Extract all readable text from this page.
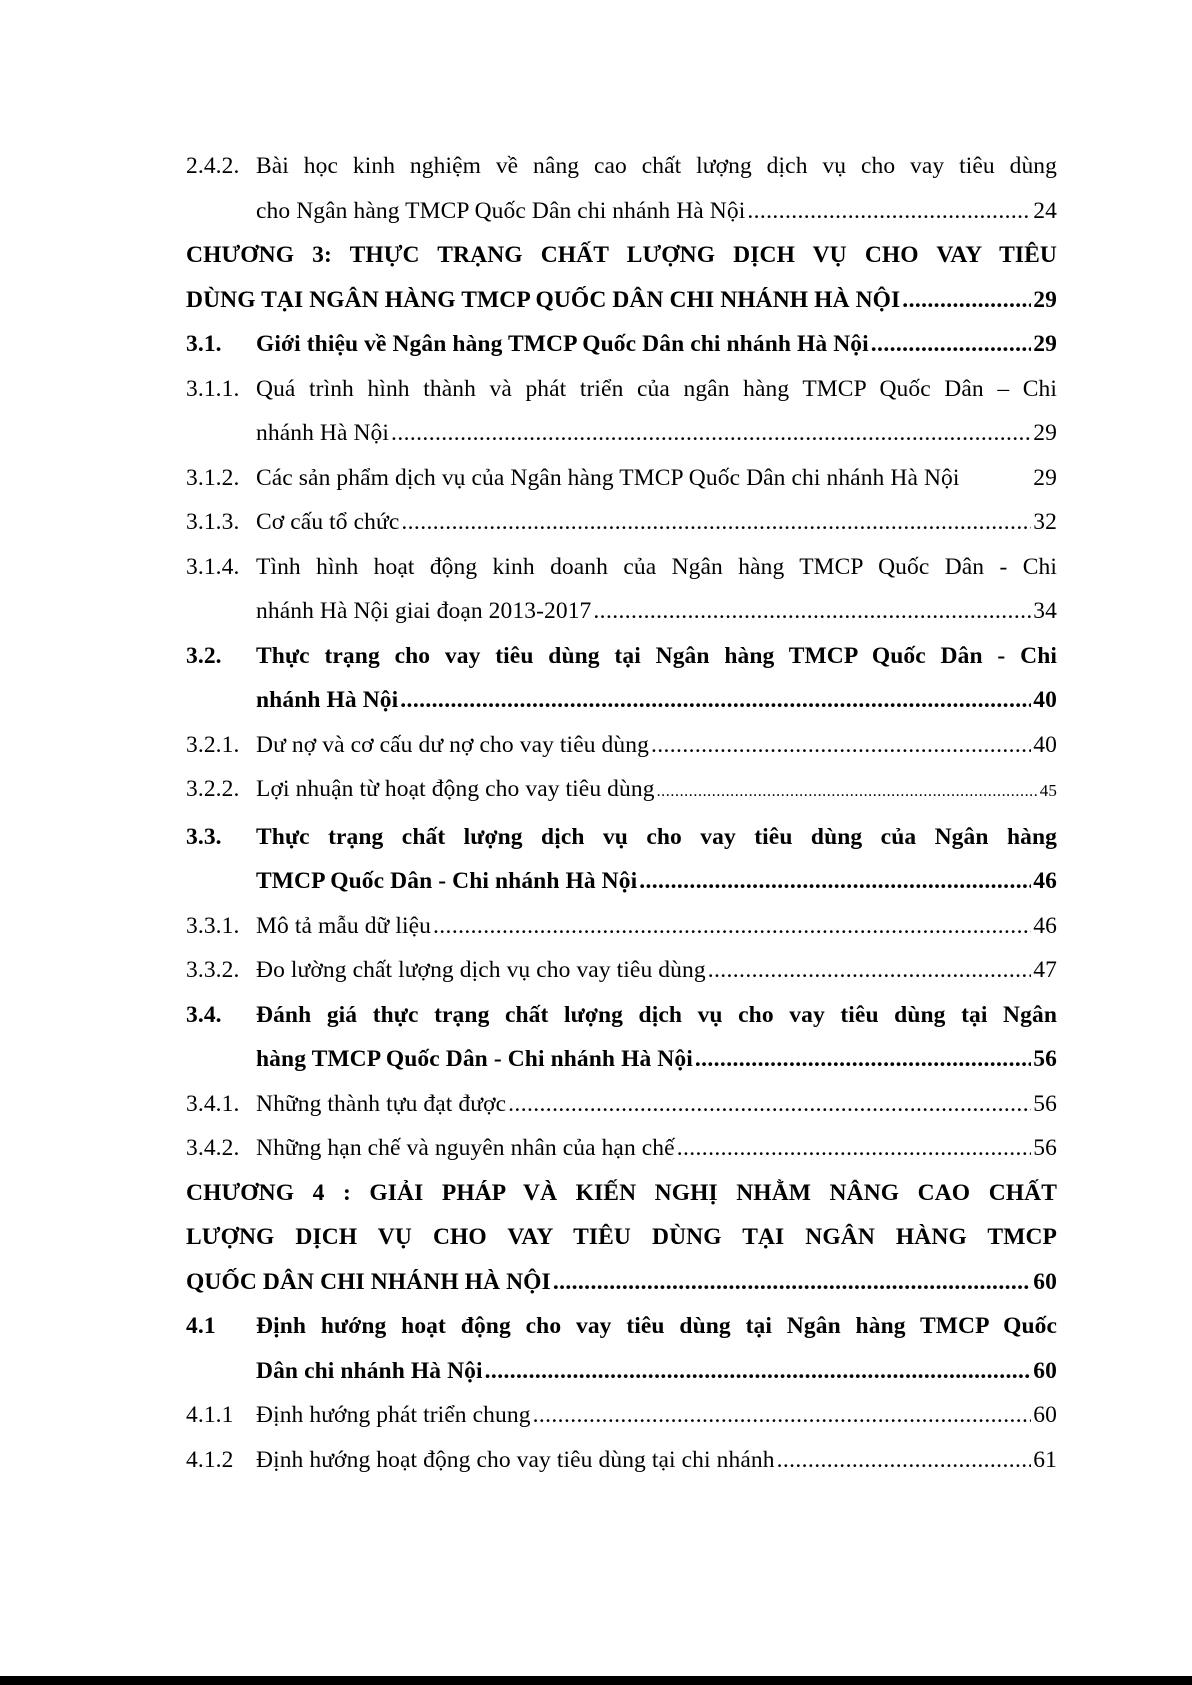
2.4.2. Bài học kinh nghiệm về nâng cao chất lượng dịch vụ cho vay tiêu dùng
cho Ngân hàng TMCP Quốc Dân chi nhánh Hà Nội .....	24
CHƯƠNG 3: THỰC TRẠNG CHẤT LƯỢNG DỊCH VỤ CHO VAY TIÊU
DÙNG TẠI NGÂN HÀNG TMCP QUỐC DÂN CHI NHÁNH HÀ NỘI .....	29
3.1.	Giới thiệu về Ngân hàng TMCP Quốc Dân chi nhánh Hà Nội .....	29
3.1.1. Quá trình hình thành và phát triển của ngân hàng TMCP Quốc Dân – Chi
nhánh Hà Nội .....	29
3.1.2. Các sản phẩm dịch vụ của Ngân hàng TMCP Quốc Dân chi nhánh Hà Nội	29
3.1.3. Cơ cấu tổ chức .....	32
3.1.4. Tình hình hoạt động kinh doanh của Ngân hàng TMCP Quốc Dân - Chi
nhánh Hà Nội giai đoạn 2013-2017 .....	34
3.2.	Thực trạng cho vay tiêu dùng tại Ngân hàng TMCP Quốc Dân - Chi
nhánh Hà Nội .....	40
3.2.1. Dư nợ và cơ cấu dư nợ cho vay tiêu dùng .....	40
3.2.2. Lợi nhuận từ hoạt động cho vay tiêu dùng .....	45
3.3.	Thực trạng chất lượng dịch vụ cho vay tiêu dùng của Ngân hàng
TMCP Quốc Dân - Chi nhánh Hà Nội .....	46
3.3.1. Mô tả mẫu dữ liệu .....	46
3.3.2. Đo lường chất lượng dịch vụ cho vay tiêu dùng .....	47
3.4.	Đánh giá thực trạng chất lượng dịch vụ cho vay tiêu dùng tại Ngân
hàng TMCP Quốc Dân - Chi nhánh Hà Nội .....	56
3.4.1. Những thành tựu đạt được .....	56
3.4.2. Những hạn chế và nguyên nhân của hạn chế .....	56
CHƯƠNG 4 : GIẢI PHÁP VÀ KIẾN NGHỊ NHẰM NÂNG CAO CHẤT
LƯỢNG DỊCH VỤ CHO VAY TIÊU DÙNG TẠI NGÂN HÀNG TMCP
QUỐC DÂN CHI NHÁNH HÀ NỘI .....	60
4.1	Định hướng hoạt động cho vay tiêu dùng tại Ngân hàng TMCP Quốc
Dân chi nhánh Hà Nội .....	60
4.1.1 Định hướng phát triển chung .....	60
4.1.2 Định hướng hoạt động cho vay tiêu dùng tại chi nhánh .....	61
